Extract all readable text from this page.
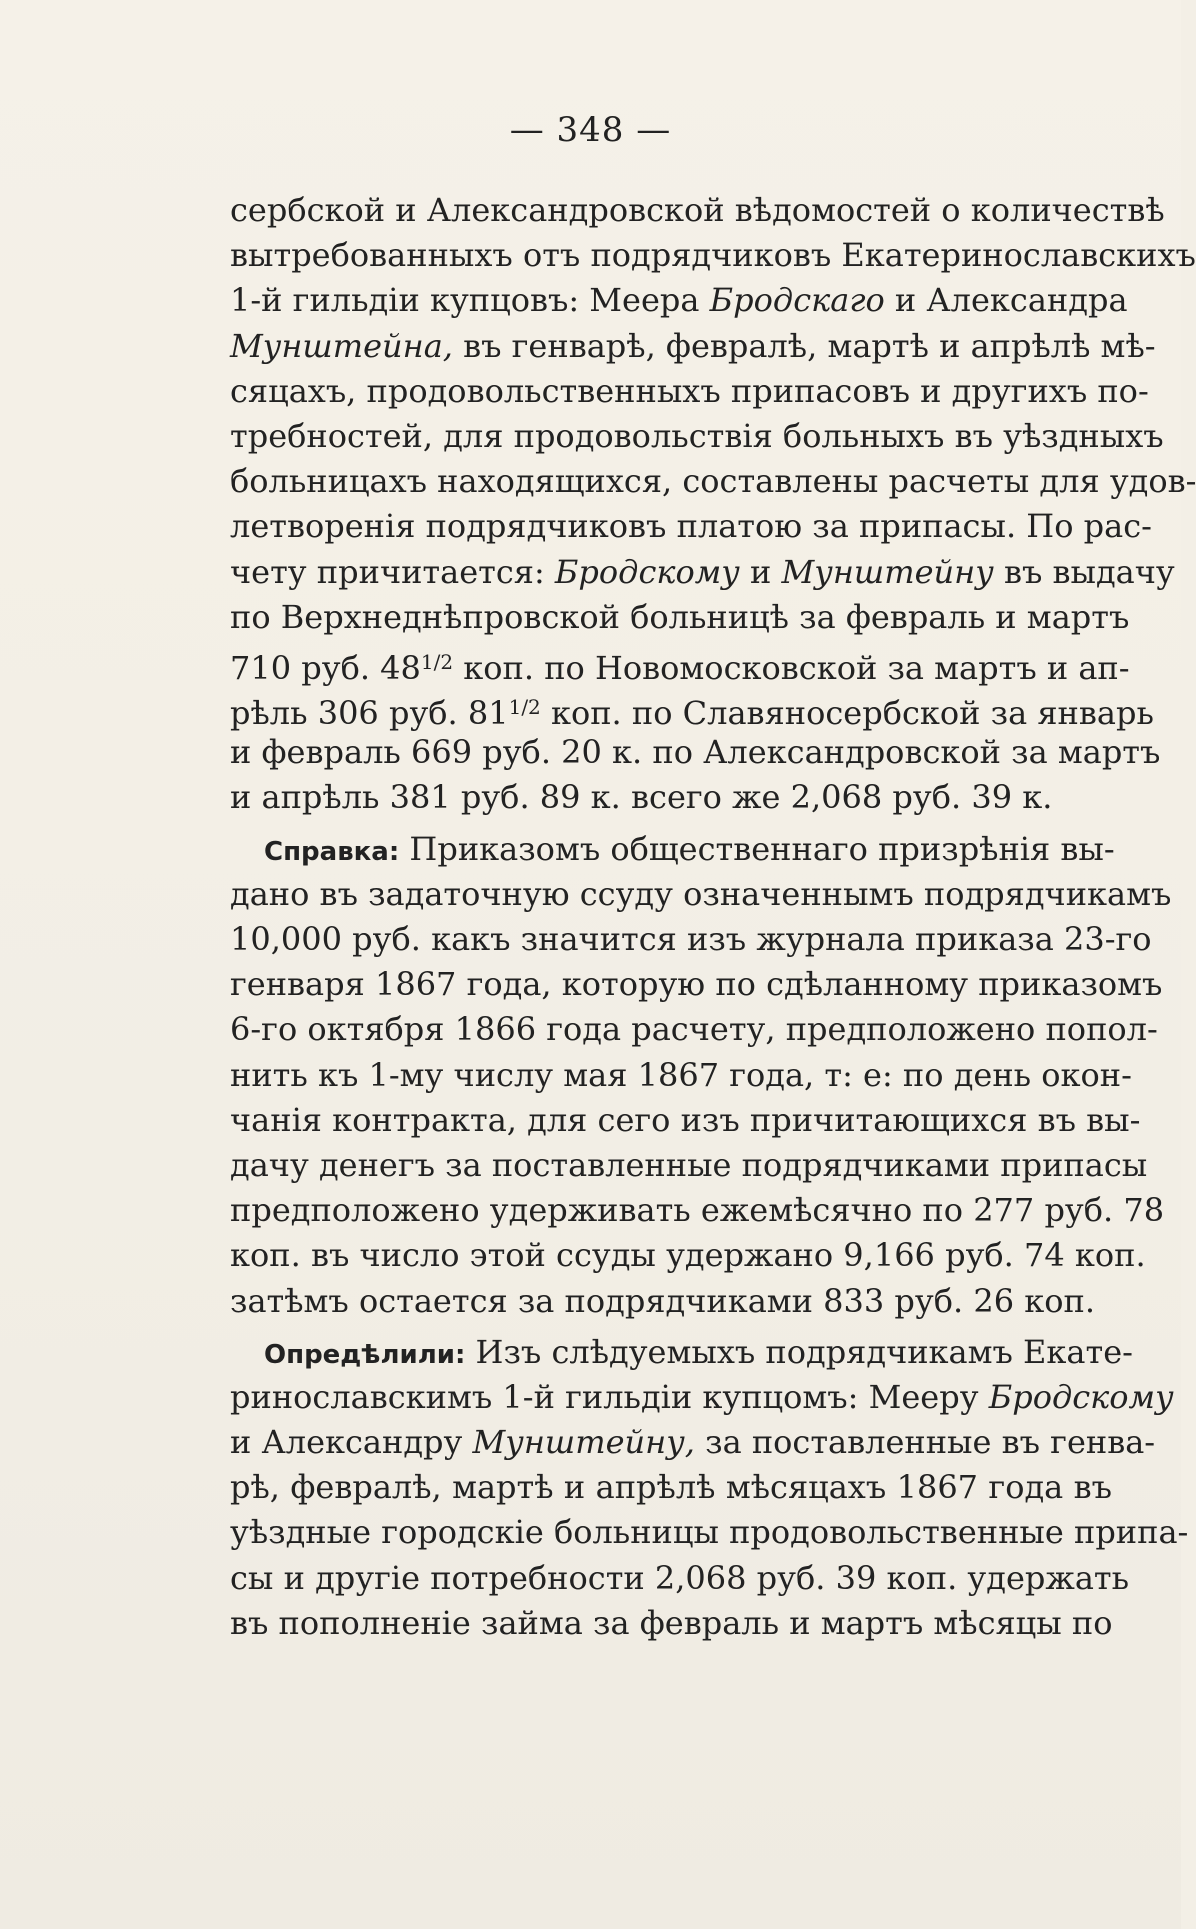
— 348 —
сербской и Александровской вѣдомостей о количествѣ
вытребованныхъ отъ подрядчиковъ Екатеринославскихъ
1-й гильдіи купцовъ: Меера Бродскаго и Александра
Мунштейна, въ генварѣ, февралѣ, мартѣ и апрѣлѣ мѣ-
сяцахъ, продовольственныхъ припасовъ и другихъ по-
требностей, для продовольствія больныхъ въ уѣздныхъ
больницахъ находящихся, составлены расчеты для удов-
летворенія подрядчиковъ платою за припасы. По рас-
чету причитается: Бродскому и Мунштейну въ выдачу
по Верхнеднѣпровской больницѣ за февраль и мартъ
710 руб. $48^{1/2}$ коп. по Новомосковской за мартъ и ап-
рѣль 306 руб. $81^{1/2}$ коп. по Славяносербской за январь
и февраль 669 руб. 20 к. по Александровской за мартъ
и апрѣль 381 руб. 89 к. всего же 2,068 руб. 39 к.
Справка: Приказомъ общественнаго призрѣнія вы-
дано въ задаточную ссуду означеннымъ подрядчикамъ
10,000 руб. какъ значится изъ журнала приказа 23-го
генваря 1867 года, которую по сдѣланному приказомъ
6-го октября 1866 года расчету, предположено попол-
нить къ 1-му числу мая 1867 года, т: е: по день окон-
чанія контракта, для сего изъ причитающихся въ вы-
дачу денегъ за поставленные подрядчиками припасы
предположено удерживать ежемѣсячно по 277 руб. 78
коп. въ число этой ссуды удержано 9,166 руб. 74 коп.
затѣмъ остается за подрядчиками 833 руб. 26 коп.
Опредѣлили: Изъ слѣдуемыхъ подрядчикамъ Екате-
ринославскимъ 1-й гильдіи купцомъ: Мееру Бродскому
и Александру Мунштейну, за поставленные въ генва-
рѣ, февралѣ, мартѣ и апрѣлѣ мѣсяцахъ 1867 года въ
уѣздные городскіе больницы продовольственные припа-
сы и другіе потребности 2,068 руб. 39 коп. удержать
въ пополненіе займа за февраль и мартъ мѣсяцы по
